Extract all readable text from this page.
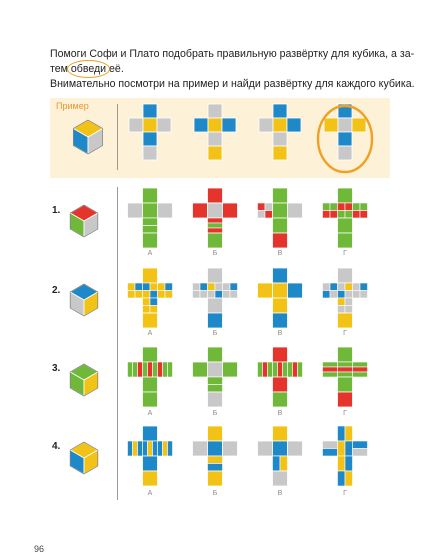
Помоги Софи и Плато подобрать правильную развёртку для кубика, а за-
тем обведи её.
Внимательно посмотри на пример и найди развёртку для каждого кубика.
Пример
1.
2.
3.
4.
А	Б	В	Г
А	Б	В	Г
А	Б	В	Г
А	Б	В	Г
96
